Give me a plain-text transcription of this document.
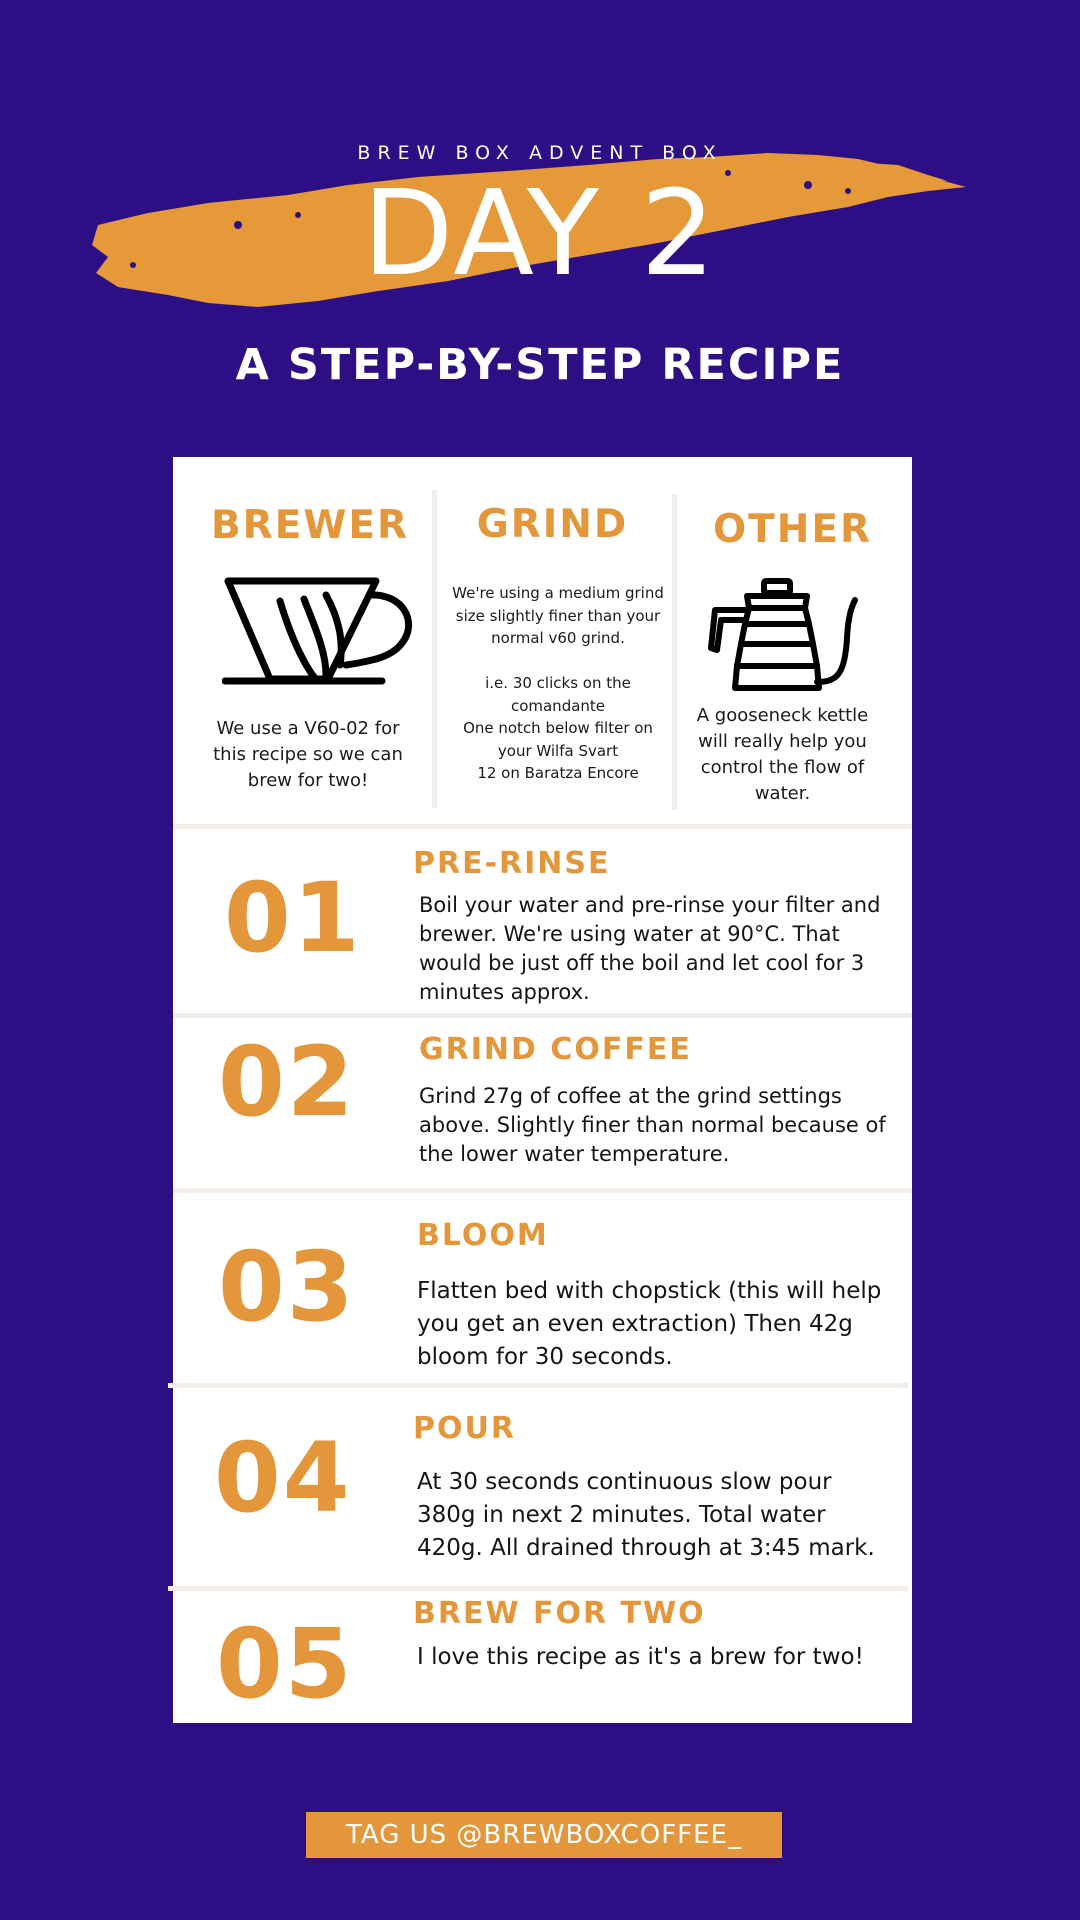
BREW BOX ADVENT BOX
DAY 2
A STEP-BY-STEP RECIPE
BREWER
We use a V60-02 for this recipe so we can brew for two!
GRIND
We're using a medium grind size slightly finer than your normal v60 grind.

i.e. 30 clicks on the comandante
One notch below filter on your Wilfa Svart
12 on Baratza Encore
OTHER
A gooseneck kettle will really help you control the flow of water.
01 PRE-RINSE
Boil your water and pre-rinse your filter and brewer. We're using water at 90°C. That would be just off the boil and let cool for 3 minutes approx.
02 GRIND COFFEE
Grind 27g of coffee at the grind settings above. Slightly finer than normal because of the lower water temperature.
03 BLOOM
Flatten bed with chopstick (this will help you get an even extraction) Then 42g bloom for 30 seconds.
04 POUR
At 30 seconds continuous slow pour 380g in next 2 minutes. Total water 420g. All drained through at 3:45 mark.
05 BREW FOR TWO
I love this recipe as it's a brew for two!
TAG US @BREWBOXCOFFEE_
